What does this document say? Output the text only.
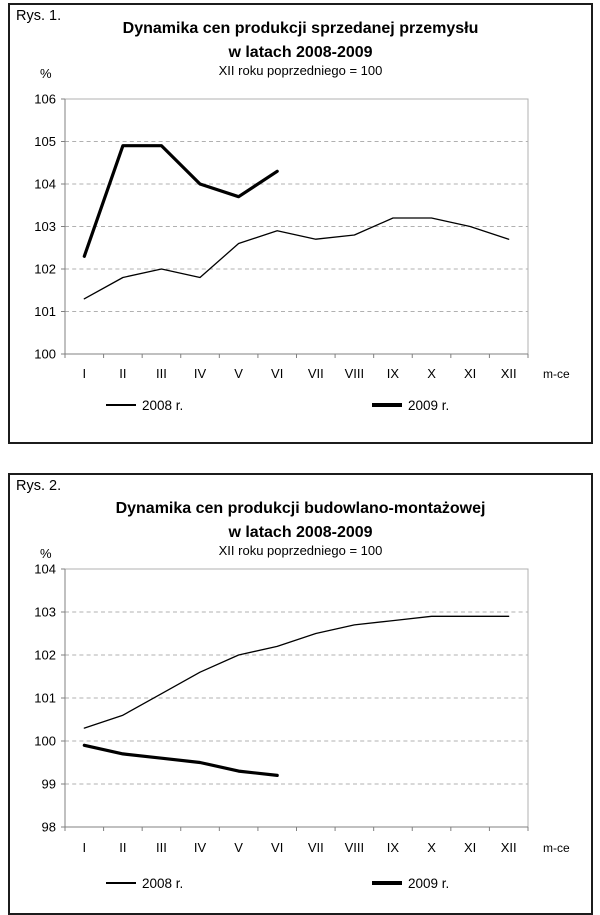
Rys. 1.
Dynamika cen produkcji sprzedanej przemysłu
w latach 2008-2009
XII roku poprzedniego = 100
%
100
101
102
103
104
105
106
I	II III IV V VI VII VIII IX X XI XII m-ce
2008 r.	2009 r.
Rys. 2.
Dynamika cen produkcji budowlano-montażowej
w latach 2008-2009
XII roku poprzedniego = 100
%
98
99
100
101
102
103
104
I	II III IV V VI VII VIII IX X XI XII m-ce
2008 r.	2009 r.
